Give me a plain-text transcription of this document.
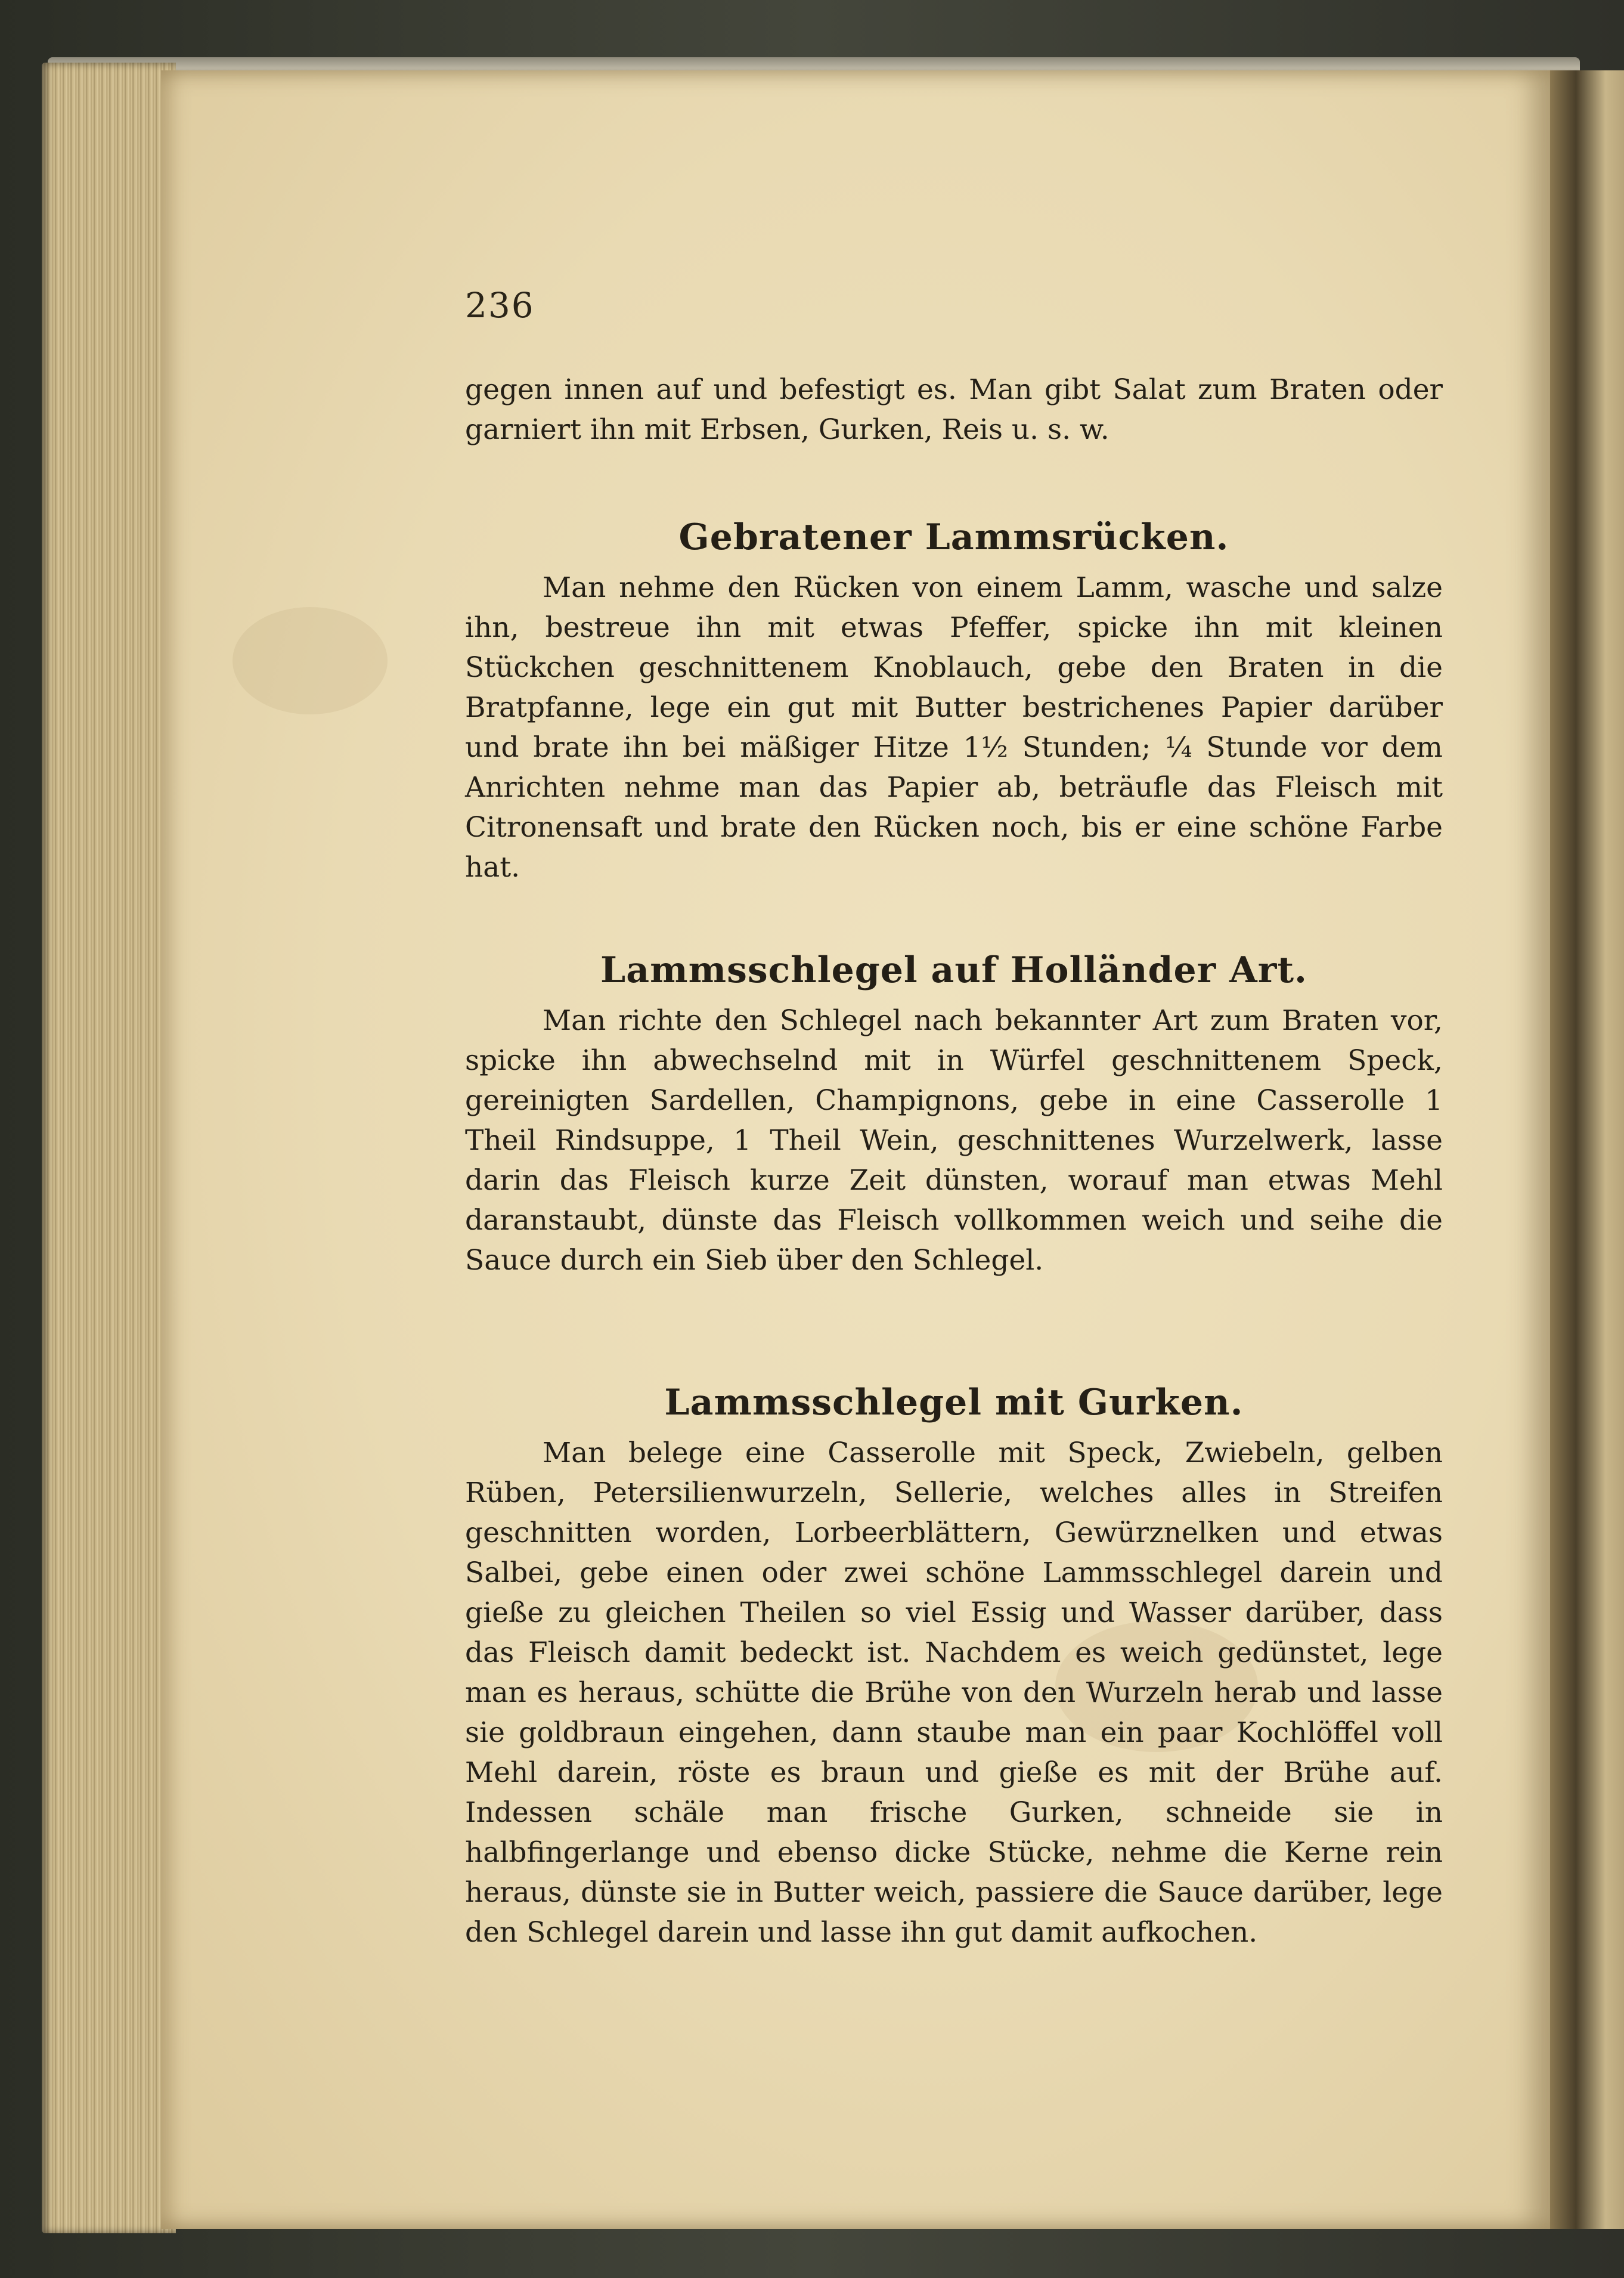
236

gegen innen auf und befestigt es. Man gibt Salat zum Braten oder garniert ihn mit Erbsen, Gurken, Reis u. s. w.

Gebratener Lammsrücken.

Man nehme den Rücken von einem Lamm, wasche und salze ihn, bestreue ihn mit etwas Pfeffer, spicke ihn mit kleinen Stückchen geschnittenem Knoblauch, gebe den Braten in die Bratpfanne, lege ein gut mit Butter bestrichenes Papier darüber und brate ihn bei mäßiger Hitze 1½ Stunden; ¼ Stunde vor dem Anrichten nehme man das Papier ab, beträufle das Fleisch mit Citronensaft und brate den Rücken noch, bis er eine schöne Farbe hat.

Lammsschlegel auf Holländer Art.

Man richte den Schlegel nach bekannter Art zum Braten vor, spicke ihn abwechselnd mit in Würfel geschnittenem Speck, gereinigten Sardellen, Champignons, gebe in eine Casserolle 1 Theil Rindsuppe, 1 Theil Wein, geschnittenes Wurzelwerk, lasse darin das Fleisch kurze Zeit dünsten, worauf man etwas Mehl daranstaubt, dünste das Fleisch vollkommen weich und seihe die Sauce durch ein Sieb über den Schlegel.

Lammsschlegel mit Gurken.

Man belege eine Casserolle mit Speck, Zwiebeln, gelben Rüben, Petersilienwurzeln, Sellerie, welches alles in Streifen geschnitten worden, Lorbeerblättern, Gewürznelken und etwas Salbei, gebe einen oder zwei schöne Lammsschlegel darein und gieße zu gleichen Theilen so viel Essig und Wasser darüber, dass das Fleisch damit bedeckt ist. Nachdem es weich gedünstet, lege man es heraus, schütte die Brühe von den Wurzeln herab und lasse sie goldbraun eingehen, dann staube man ein paar Kochlöffel voll Mehl darein, röste es braun und gieße es mit der Brühe auf. Indessen schäle man frische Gurken, schneide sie in halbfingerlange und ebenso dicke Stücke, nehme die Kerne rein heraus, dünste sie in Butter weich, passiere die Sauce darüber, lege den Schlegel darein und lasse ihn gut damit aufkochen.
